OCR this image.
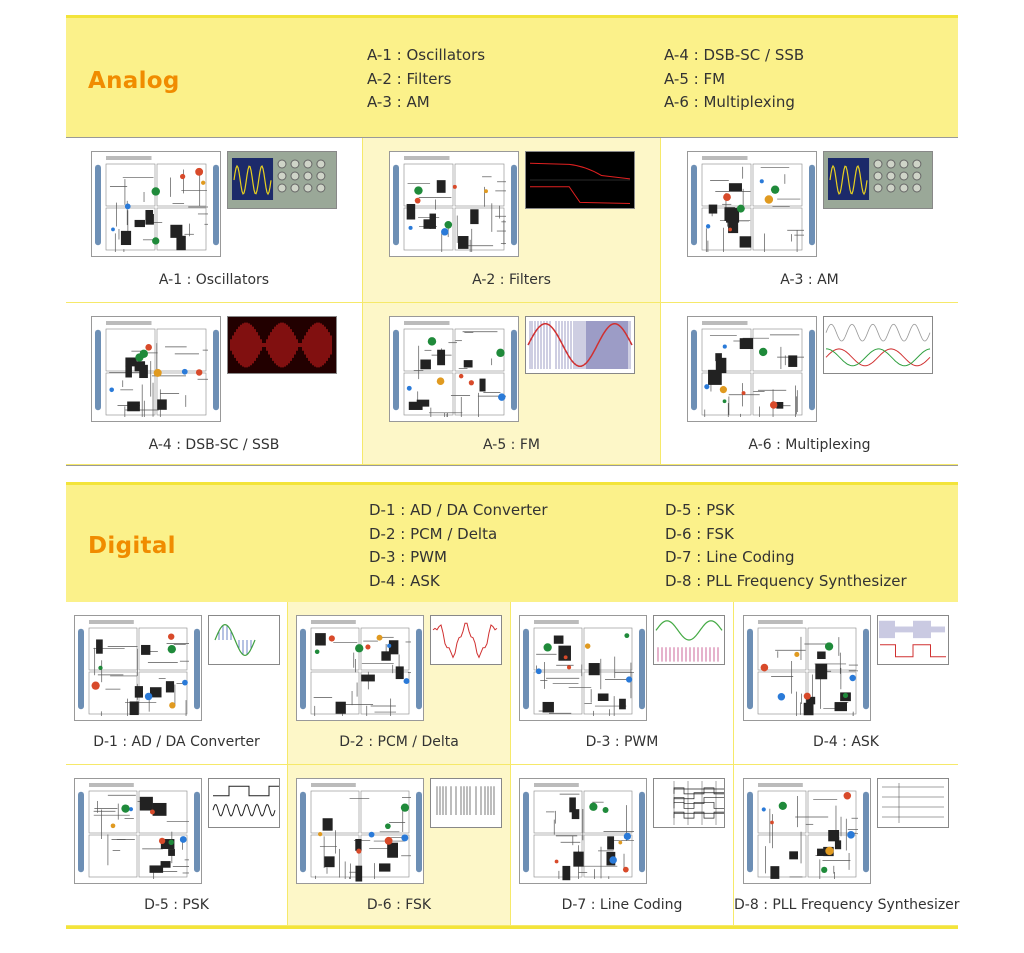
Analog
A-1 : Oscillators
A-2 : Filters
A-3 : AM
A-4 : DSB-SC / SSB
A-5 : FM
A-6 : Multiplexing
A-1 : Oscillators	A-2 : Filters	A-3 : AM
A-4 : DSB-SC / SSB	A-5 : FM	A-6 : Multiplexing
Digital
D-1 : AD / DA Converter
D-2 : PCM / Delta
D-3 : PWM
D-4 : ASK
D-5 : PSK
D-6 : FSK
D-7 : Line Coding
D-8 : PLL Frequency Synthesizer
D-1 : AD / DA Converter	D-2 : PCM / Delta	D-3 : PWM	D-4 : ASK
D-5 : PSK	D-6 : FSK	D-7 : Line Coding	D-8 : PLL Frequency Synthesizer
